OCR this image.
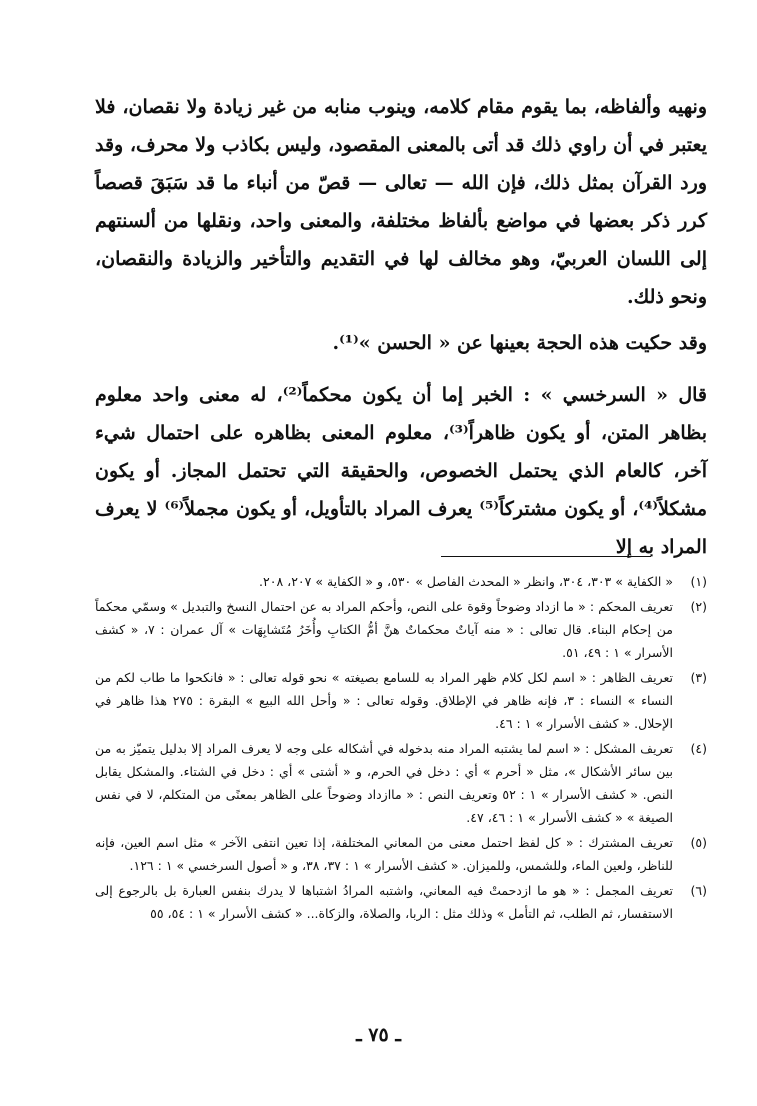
ونهيه وألفاظه، بما يقوم مقام كلامه، وينوب منابه من غير زيادة ولا نقصان، فلا يعتبر في أن راوي ذلك قد أتى بالمعنى المقصود، وليس بكاذب ولا محرف، وقد ورد القرآن بمثل ذلك، فإن الله — تعالى — قصّ من أنباء ما قد سَبَقَ قصصاً كرر ذكر بعضها في مواضع بألفاظ مختلفة، والمعنى واحد، ونقلها من ألسنتهم إلى اللسان العربيّ، وهو مخالف لها في التقديم والتأخير والزيادة والنقصان، ونحو ذلك.

وقد حكيت هذه الحجة بعينها عن « الحسن »⁽¹⁾.

قال « السرخسي » : الخبر إما أن يكون محكماً⁽²⁾، له معنى واحد معلوم بظاهر المتن، أو يكون ظاهراً⁽³⁾، معلوم المعنى بظاهره على احتمال شيء آخر، كالعام الذي يحتمل الخصوص، والحقيقة التي تحتمل المجاز. أو يكون مشكلاً⁽⁴⁾، أو يكون مشتركاً⁽⁵⁾ يعرف المراد بالتأويل، أو يكون مجملاً⁽⁶⁾ لا يعرف المراد به إلا

(١)
« الكفاية » ٣٠٣، ٣٠٤، وانظر « المحدث الفاصل » ٥٣٠، و « الكفاية » ٢٠٧، ٢٠٨.
(٢)
تعريف المحكم : « ما ازداد وضوحاً وقوة على النص، وأحكم المراد به عن احتمال النسخ والتبديل » وسمّي محكماً من إحكام البناء. قال تعالى : « منه آياتٌ محكماتٌ هنَّ أمُّ الكتابِ وأُخَرُ مُتَشابِهَات » آل عمران : ٧، « كشف الأسرار » ١ : ٤٩، ٥١.
(٣)
تعريف الظاهر : « اسم لكل كلام ظهر المراد به للسامع بصيغته » نحو قوله تعالى : « فانكحوا ما طاب لكم من النساء » النساء : ٣، فإنه ظاهر في الإطلاق. وقوله تعالى : « وأحل الله البيع » البقرة : ٢٧٥ هذا ظاهر في الإحلال. « كشف الأسرار » ١ : ٤٦.
(٤)
تعريف المشكل : « اسم لما يشتبه المراد منه بدخوله في أشكاله على وجه لا يعرف المراد إلا بدليل يتميّز به من بين سائر الأشكال »، مثل « أحرم » أي : دخل في الحرم، و « أشتى » أي : دخل في الشتاء. والمشكل يقابل النص. « كشف الأسرار » ١ : ٥٢ وتعريف النص : « ماازداد وضوحاً على الظاهر بمعنًى من المتكلم، لا في نفس الصيغة » « كشف الأسرار » ١ : ٤٦، ٤٧.
(٥)
تعريف المشترك : « كل لفظ احتمل معنى من المعاني المختلفة، إذا تعين انتفى الآخر » مثل اسم العين، فإنه للناظر، ولعين الماء، وللشمس، وللميزان. « كشف الأسرار » ١ : ٣٧، ٣٨، و « أصول السرخسي » ١ : ١٢٦.
(٦)
تعريف المجمل : « هو ما ازدحمتْ فيه المعاني، واشتبه المرادُ اشتباها لا يدرك بنفس العبارة بل بالرجوع إلى الاستفسار، ثم الطلب، ثم التأمل » وذلك مثل : الربا، والصلاة، والزكاة... « كشف الأسرار » ١ : ٥٤، ٥٥
ـ ٧٥ ـ
